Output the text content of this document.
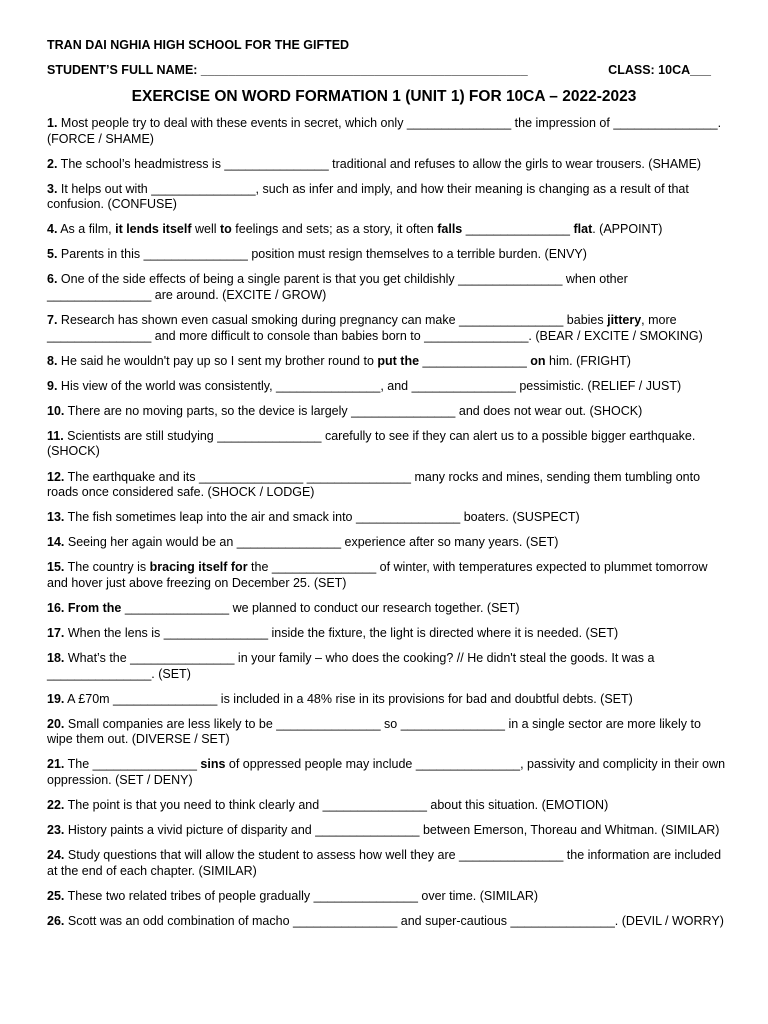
TRAN DAI NGHIA HIGH SCHOOL FOR THE GIFTED
STUDENT’S FULL NAME: _______________________________________________	CLASS: 10CA___
EXERCISE ON WORD FORMATION 1 (UNIT 1) FOR 10CA – 2022-2023
1. Most people try to deal with these events in secret, which only _______________ the impression of _______________. (FORCE / SHAME)
2. The school’s headmistress is _______________ traditional and refuses to allow the girls to wear trousers. (SHAME)
3. It helps out with _______________, such as infer and imply, and how their meaning is changing as a result of that confusion. (CONFUSE)
4. As a film, it lends itself well to feelings and sets; as a story, it often falls _______________ flat. (APPOINT)
5. Parents in this _______________ position must resign themselves to a terrible burden. (ENVY)
6. One of the side effects of being a single parent is that you get childishly _______________ when other _______________ are around. (EXCITE / GROW)
7. Research has shown even casual smoking during pregnancy can make _______________ babies jittery, more _______________ and more difficult to console than babies born to _______________. (BEAR / EXCITE / SMOKING)
8. He said he wouldn't pay up so I sent my brother round to put the _______________ on him. (FRIGHT)
9. His view of the world was consistently, _______________, and _______________ pessimistic. (RELIEF / JUST)
10. There are no moving parts, so the device is largely _______________ and does not wear out. (SHOCK)
11. Scientists are still studying _______________ carefully to see if they can alert us to a possible bigger earthquake. (SHOCK)
12. The earthquake and its _______________ _______________ many rocks and mines, sending them tumbling onto roads once considered safe. (SHOCK / LODGE)
13. The fish sometimes leap into the air and smack into _______________ boaters. (SUSPECT)
14. Seeing her again would be an _______________ experience after so many years. (SET)
15. The country is bracing itself for the _______________ of winter, with temperatures expected to plummet tomorrow and hover just above freezing on December 25. (SET)
16. From the _______________ we planned to conduct our research together. (SET)
17. When the lens is _______________ inside the fixture, the light is directed where it is needed. (SET)
18. What’s the _______________ in your family – who does the cooking? // He didn't steal the goods. It was a _______________. (SET)
19. A £70m _______________ is included in a 48% rise in its provisions for bad and doubtful debts. (SET)
20. Small companies are less likely to be _______________ so _______________ in a single sector are more likely to wipe them out. (DIVERSE / SET)
21. The _______________ sins of oppressed people may include _______________, passivity and complicity in their own oppression. (SET / DENY)
22. The point is that you need to think clearly and _______________ about this situation. (EMOTION)
23. History paints a vivid picture of disparity and _______________ between Emerson, Thoreau and Whitman. (SIMILAR)
24. Study questions that will allow the student to assess how well they are _______________ the information are included at the end of each chapter. (SIMILAR)
25. These two related tribes of people gradually _______________ over time. (SIMILAR)
26. Scott was an odd combination of macho _______________ and super-cautious _______________. (DEVIL / WORRY)
